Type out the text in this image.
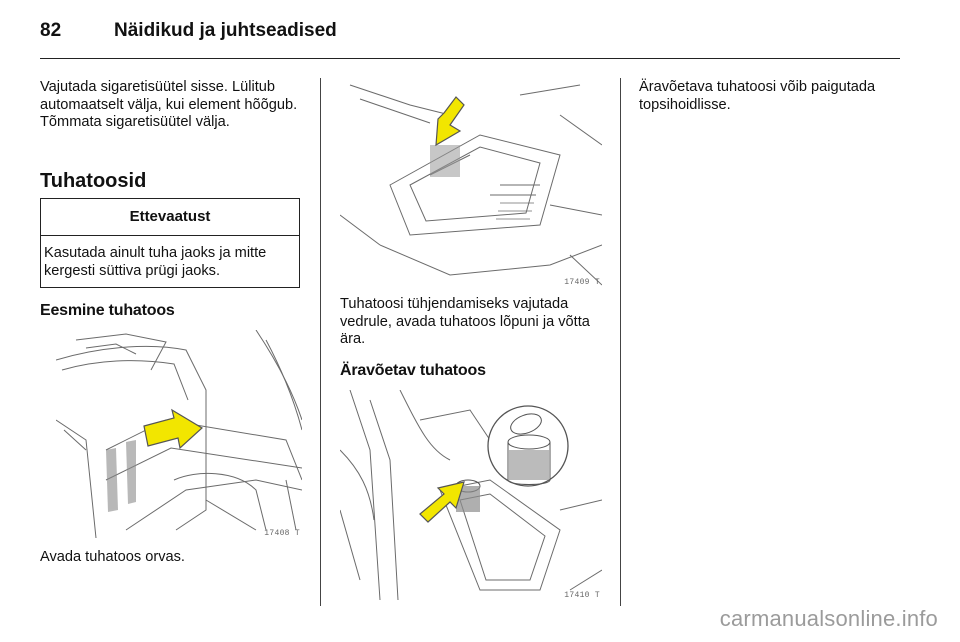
82	Näidikud ja juhtseadised
Vajutada sigaretisüütel sisse. Lülitub automaatselt välja, kui element hõõgub. Tõmmata sigaretisüütel välja.
Tuhatoosid
Ettevaatust
Kasutada ainult tuha jaoks ja mitte kergesti süttiva prügi jaoks.
Eesmine tuhatoos
17408 T
Avada tuhatoos orvas.
17409 T
Tuhatoosi tühjendamiseks vajutada vedrule, avada tuhatoos lõpuni ja võtta ära.
Äravõetav tuhatoos
17410 T
Äravõetava tuhatoosi võib paigutada topsihoidlisse.
carmanualsonline.info
